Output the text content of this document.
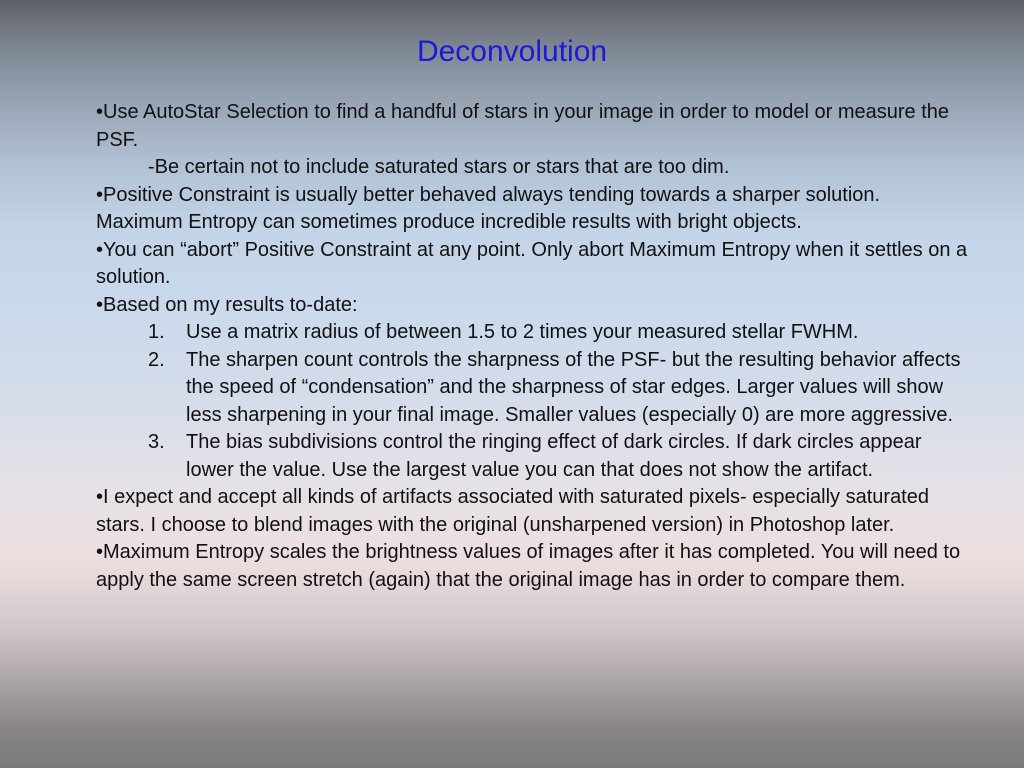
Deconvolution

•Use AutoStar Selection to find a handful of stars in your image in order to model or measure the PSF.

-Be certain not to include saturated stars or stars that are too dim.

•Positive Constraint is usually better behaved always tending towards a sharper solution. Maximum Entropy can sometimes produce incredible results with bright objects.

•You can “abort” Positive Constraint at any point. Only abort Maximum Entropy when it settles on a solution.

•Based on my results to-date:

1.	Use a matrix radius of between 1.5 to 2 times your measured stellar FWHM.

2.	The sharpen count controls the sharpness of the PSF- but the resulting behavior affects the speed of “condensation” and the sharpness of star edges. Larger values will show less sharpening in your final image. Smaller values (especially 0) are more aggressive.

3.	The bias subdivisions control the ringing effect of dark circles. If dark circles appear lower the value. Use the largest value you can that does not show the artifact.

•I expect and accept all kinds of artifacts associated with saturated pixels- especially saturated stars. I choose to blend images with the original (unsharpened version) in Photoshop later.

•Maximum Entropy scales the brightness values of images after it has completed. You will need to apply the same screen stretch (again) that the original image has in order to compare them.
